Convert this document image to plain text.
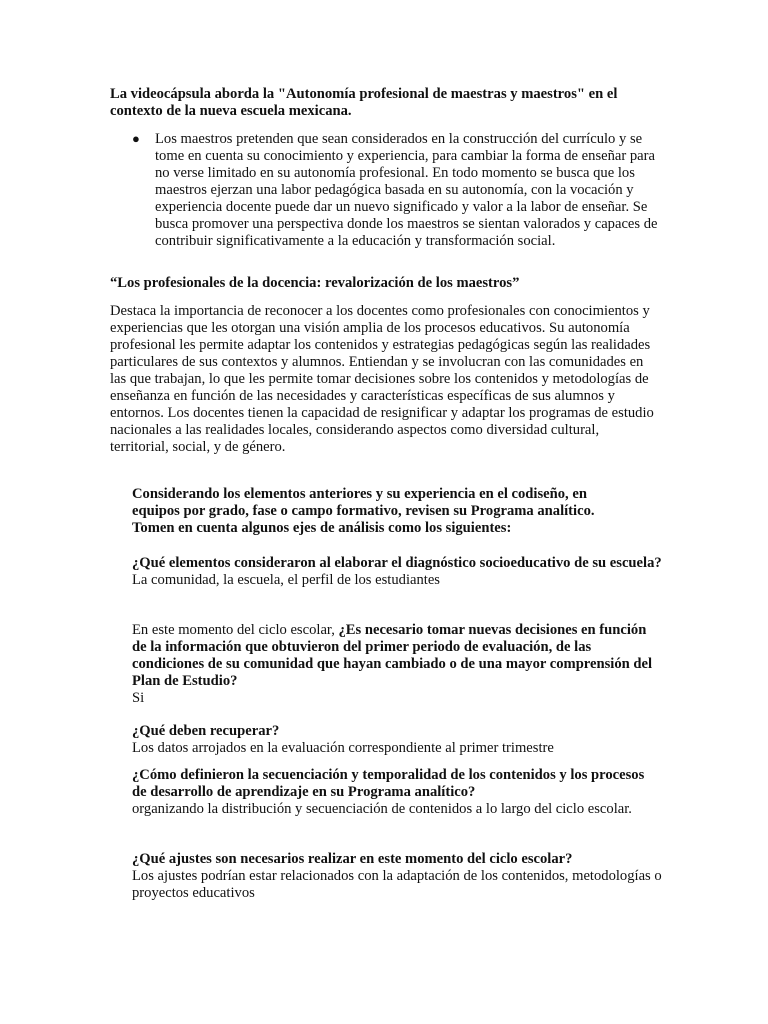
La videocápsula aborda la "Autonomía profesional de maestras y maestros" en el contexto de la nueva escuela mexicana.

● Los maestros pretenden que sean considerados en la construcción del currículo y se tome en cuenta su conocimiento y experiencia, para cambiar la forma de enseñar para no verse limitado en su autonomía profesional. En todo momento se busca que los maestros ejerzan una labor pedagógica basada en su autonomía, con la vocación y experiencia docente puede dar un nuevo significado y valor a la labor de enseñar. Se busca promover una perspectiva donde los maestros se sientan valorados y capaces de contribuir significativamente a la educación y transformación social.

“Los profesionales de la docencia: revalorización de los maestros”

Destaca la importancia de reconocer a los docentes como profesionales con conocimientos y experiencias que les otorgan una visión amplia de los procesos educativos. Su autonomía profesional les permite adaptar los contenidos y estrategias pedagógicas según las realidades particulares de sus contextos y alumnos. Entiendan y se involucran con las comunidades en las que trabajan, lo que les permite tomar decisiones sobre los contenidos y metodologías de enseñanza en función de las necesidades y características específicas de sus alumnos y entornos. Los docentes tienen la capacidad de resignificar y adaptar los programas de estudio nacionales a las realidades locales, considerando aspectos como diversidad cultural, territorial, social, y de género.

Considerando los elementos anteriores y su experiencia en el codiseño, en equipos por grado, fase o campo formativo, revisen su Programa analítico. Tomen en cuenta algunos ejes de análisis como los siguientes:

¿Qué elementos consideraron al elaborar el diagnóstico socioeducativo de su escuela?
La comunidad, la escuela, el perfil de los estudiantes
En este momento del ciclo escolar, ¿Es necesario tomar nuevas decisiones en función de la información que obtuvieron del primer periodo de evaluación, de las condiciones de su comunidad que hayan cambiado o de una mayor comprensión del Plan de Estudio?
Si
¿Qué deben recuperar?
Los datos arrojados en la evaluación correspondiente al primer trimestre
¿Cómo definieron la secuenciación y temporalidad de los contenidos y los procesos de desarrollo de aprendizaje en su Programa analítico?
organizando la distribución y secuenciación de contenidos a lo largo del ciclo escolar.
¿Qué ajustes son necesarios realizar en este momento del ciclo escolar?
Los ajustes podrían estar relacionados con la adaptación de los contenidos, metodologías o proyectos educativos
